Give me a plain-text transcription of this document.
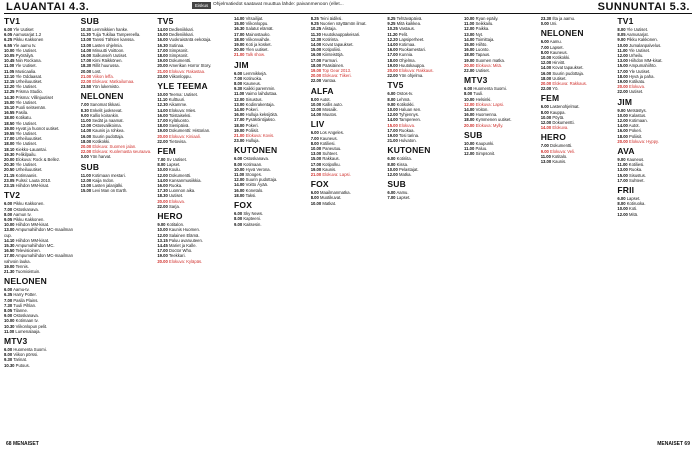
LAUANTAI 4.3.	Eiskus Ohjelmatiedot saatavat muuttua lähde: paivanmenoon (ellet...	SUNNUNTAI 5.3.
TV1

6.00 Yle Uutiset

6.05 Aamusarjat 1.2

6.25 Pikku Kakkonen

6.55 Yle aamu tv.

10.00 Yle Uutiset.

10.05 Pyöräilyä.

10.45 Niin Rockana.

11.00 Yle Uutiset.

11.05 Musicaalia.

12.10 Yle Oddaasat.

12.15 Urheiluuutiset.

12.20 Yle Uutiset.

12.25 Prisma Studio.

14.30 Prisma: Villinjuutiset

15.00 Yle Uutiset.

15.10 Puoli seitsemän.

16.55 Pasila.

18.00 Kotikatu.

18.50 Yle Uutiset.

19.00 Hyvät ja huonot uutiset.

19.55 Yle Uutiset.

17.00 Urheiluuutiset.

18.00 Yle Uutiset.

18.10 Kiekko-Lauantai.

19.30 Pelikilpailu.

20.00 Elokuva: Rock & Bellez.

20.30 Yle Uutiset.

20.50 Urheiluuutiset.

21.15 Kotimaanis.

23.05 Pulssi: Lauta 2010.

23.15 Hiihdon MM-kisat.

TV2

6.00 Pikku Kakkonen.

7.00 Ostoskanava.

8.00 Aamun tv.

9.05 Pikku Kakkonen.

10.00 Hiihdon MM-kisat.

13.00 Ampumahiihdon MC-maailman cup.

14.10 Hiihdon MM-kisat.

15.30 Ampumahiihdon MC.

16.50 Televisioinen.

17.00 Ampumahiihdon MC-maailman vahvoin lauka.

19.00 Tennis.

21.30 Tuomioistuin.

NELONEN

6.00 Aamu-tv.

6.35 Harry Potter.

7.00 Pasila Plains.

7.30 Tuuli Pihlan.

8.05 Tilanne.

9.00 Ostoskanava.

10.00 Kotimaan tv.

10.30 Viikonlopun pelit.

11.00 Lumenalaaja.

MTV3

6.00 Huomenta Suomi.

8.00 Viikon pörssi.

9.30 Tarinat.

10.30 Putous.

SUB

10.30 Lemmikkien hanke.

11.30 Tuija Tukilaa Tampereella.

13.00 Tanssi Tähtien kanssa.

13.00 Lasten ohjelmia.

14.00 Minuutti Voittoon.

16.00 Salkunseh Uutiset.

17.00 Kimi Räikkönen.

18.30 Rillit huurussa.

20.00 Lost.

21.00 Viikon leffa.

22.00 Elokuva: Matkailumaa.

23.50 Yön lukemisto.

NELONEN

7.00 Sanomat tikkasi.

8.30 Enkelit juoksevat.

9.00 Kallio koirankin.

11.00 Sedät ja naamat.

12.00 Ostosvalikoima.

14.00 Kaunis ja rohkea.

16.00 Suurin pudottaja.

18.00 Kotikokki.

20.00 Elokuva: Suomen jalan.

22.00 Elokuva: Kuolemasta seuraava.

0.00 Yön harvat.

SUB

11.00 Kotimaan mestari.

12.00 Kaija Indon.

13.00 Lasten jalanjälki.

15.00 Levi Man on Earth.

TV5

14.00 Dedleniikkari.

15.00 Dedleniikkari.

16.00 Vuokraisäntä eekotaja.

16.30 Sutinaa.

17.00 Simpsonit.

18.00 Simpsonit.

19.00 Dokumentti.

20.00 Amerikan Horror Story.

21.00 Elokuva: Rakastaa.

23.00 Viikonloppu.

YLE TEEMA

10.00 Teema: Uutiset.

11.10 Kulttuuri.

12.30 Aikamme.

14.00 Elokuva: Mies.

16.00 Toistaiseksi.

17.00 Kyläluonto.

18.00 Sienipäivä.

19.00 Dokumentti: Historian.

20.00 Elokuva: Kiniaali.

22.00 Tietovisa.

FEM

7.00 Sv Uutiset.

8.00 Lapset.

10.00 Koulu.

12.00 Dokumentti.

14.00 Kansanmusiikkia.

16.00 Ruoka.

17.30 Luonnon aika.

18.30 Uutiset.

20.00 Elokuva.

22.00 Sarja.

HERO

9.00 Kotitalon.

10.00 Kaunis Huomen.

12.00 Salainen Elämä.

13.15 Paluu avaruuteen.

14.45 Mariet ja Kalle.

17.00 Doctor Who.

19.00 Teekkari.

20.00 Elokuva: Kyläpäs.

14.00 Vitsailijat.

15.00 Viikonloppu.

16.30 Salatut elämät.

17.00 Mainostauko.

18.00 Viikonvaihde.

19.00 Koti ja kosket.

20.00 Ylen uutiset.

21.00 Talk show.

JIM

6.00 Lemmikkejä.

7.00 Kotiruoka.

8.00 Kauneus.

9.30 Kaikki paremmin.

11.00 Vaimo laihduttaa.

12.00 Sisustus.

13.00 Kodinrakentaja.

14.00 Pokeri.

16.00 Hulluja keksijöitä.

17.00 Pysäköintijakso.

18.00 Pokeri.

19.00 Poliisit.

21.00 Elokuva: Kovis.

23.00 Hulluja.

KUTONEN

6.00 Ostoskanava.

8.00 Kotimaan.

10.00 Hyvä Verona.

11.00 Stooges.

12.00 Suurin pudottaja.

14.00 Voitto Äyää.

16.00 Konetalo.

18.00 Taksi.

FOX

6.00 Sky News.

8.00 Kapteeni.

9.00 Kaitsesin.

8.25 Teini äidiksi.

9.25 Nuorien näyttämön ilmat.

10.25 Alistaja.

11.30 Huutokauppakeisari.

12.30 Kotirinta.

14.00 Kovat tapaukset.

15.00 Kotipoliisi.

16.00 Kiinteistöjä.

17.00 Farmari.

18.00 Pääsiäinen.

19.00 Top Gear 2013.

20.00 Elokuva: Tiikeri.

22.00 Vantaa.

ALFA

8.00 Autot.

10.00 Kallis auto.

12.00 Mosaiik.

14.00 Muutos.

LIV

6.00 Los Angeles.

7.00 Kauneus.

8.00 Kotiliesi.

10.00 Paneutuu.

13.00 Suhteet.

15.00 Rakkaus.

17.00 Kotipolku.

19.00 Kaunis.

21.00 Elokuva: Lapsi.

FOX

6.00 Maailmanmatka.

8.00 Muotikuvat.

10.00 Matkat.

8.25 Tehtäväpäivä.

9.25 Mitä kaikkea.

10.25 Vastaus.

11.20 Pelit.

12.20 Lapsiperheet.

14.00 Kotimaa.

16.00 Ruokamestari.

17.00 Kunnia.

18.00 Ohjelma.

19.00 Huutokauppa.

20.00 Elokuva: Rakkaus.

22.00 Yön ohjelma.

TV5

6.00 Ostos-tv.

8.00 Lehmä.

9.00 Kotikokki.

10.00 Haluan sen.

12.00 Tyhjennys.

14.00 Tampereen.

15.00 Elokuva.

17.00 Ruokaa.

19.00 Tosi tarina.

21.00 Hulvaton.

KUTONEN

6.00 Kotiriita.

8.00 Kissa.

10.00 Pelastajat.

12.00 Matka.

SUB

6.00 Aamu.

7.00 Lapset.

10.00 Ryan epäily.

11.00 Seikkailu.

12.00 Paikka.

13.00 Nyt.

14.00 Toimittaja.

15.00 Hiihto.

16.00 Luonto.

18.00 Tapaus.

19.00 Suomen matka.

20.00 Elokuva: Mitä.

22.00 Uutiset.

MTV3

6.00 Huomenta Suomi.

8.00 Tuuli.

10.00 Helsinki.

12.00 Elokuva: Lapsi.

14.00 Voiton.

16.00 Huomenna.

18.00 Kymmenen uutiset.

20.00 Elokuva: Mylly.

SUB

10.00 Kaupunki.

11.00 Paluu.

12.00 Simpsonit.

23.30 Ilta ja aamu.

0.00 Uni.

NELONEN

6.00 Aamu.

7.00 Lapset.

8.00 Kauneus.

10.00 Kotikokki.

12.00 Hirviöt.

14.00 Kovat tapaukset.

16.00 Suurin pudottaja.

18.00 Uutiset.

20.00 Elokuva: Rakkaus.

22.00 Yö.

FEM

6.00 Lastenohjelmat.

8.00 Kauppa.

10.00 Pöytä.

12.00 Dokumentti.

14.00 Elokuva.

HERO

7.00 Dokumentti.

9.00 Elokuva: Veli.

11.00 Kotitalo.

13.00 Kaunis.

TV1

8.00 Yle Uutiset.

8.05 Aamusarjat.

9.00 Pikku Kakkonen.

10.00 Jumalanpalvelus.

11.00 Yle Uutiset.

12.00 Urheilu.

13.00 Hiihdon MM-kisat.

15.00 Ampumahiihto.

17.00 Yle Uutiset.

18.00 Hyvä ja paha.

19.00 Kotikatu.

20.00 Elokuva.

22.00 Uutiset.

JIM

9.00 Metsästys.

10.00 Kalastus.

12.00 Kotimaan.

14.00 Autot.

16.00 Pokeri.

18.00 Poliisit.

20.00 Elokuva: Hyppy.

AVA

9.00 Kauneus.

11.00 Kotiliesi.

13.00 Ruoka.

15.00 Sisustus.

17.00 Suhteet.

FRII

6.00 Lapset.

8.00 Kotiruoka.

10.00 Koti.

12.00 Mitä.

68 MENAISET	MENAISET 69
